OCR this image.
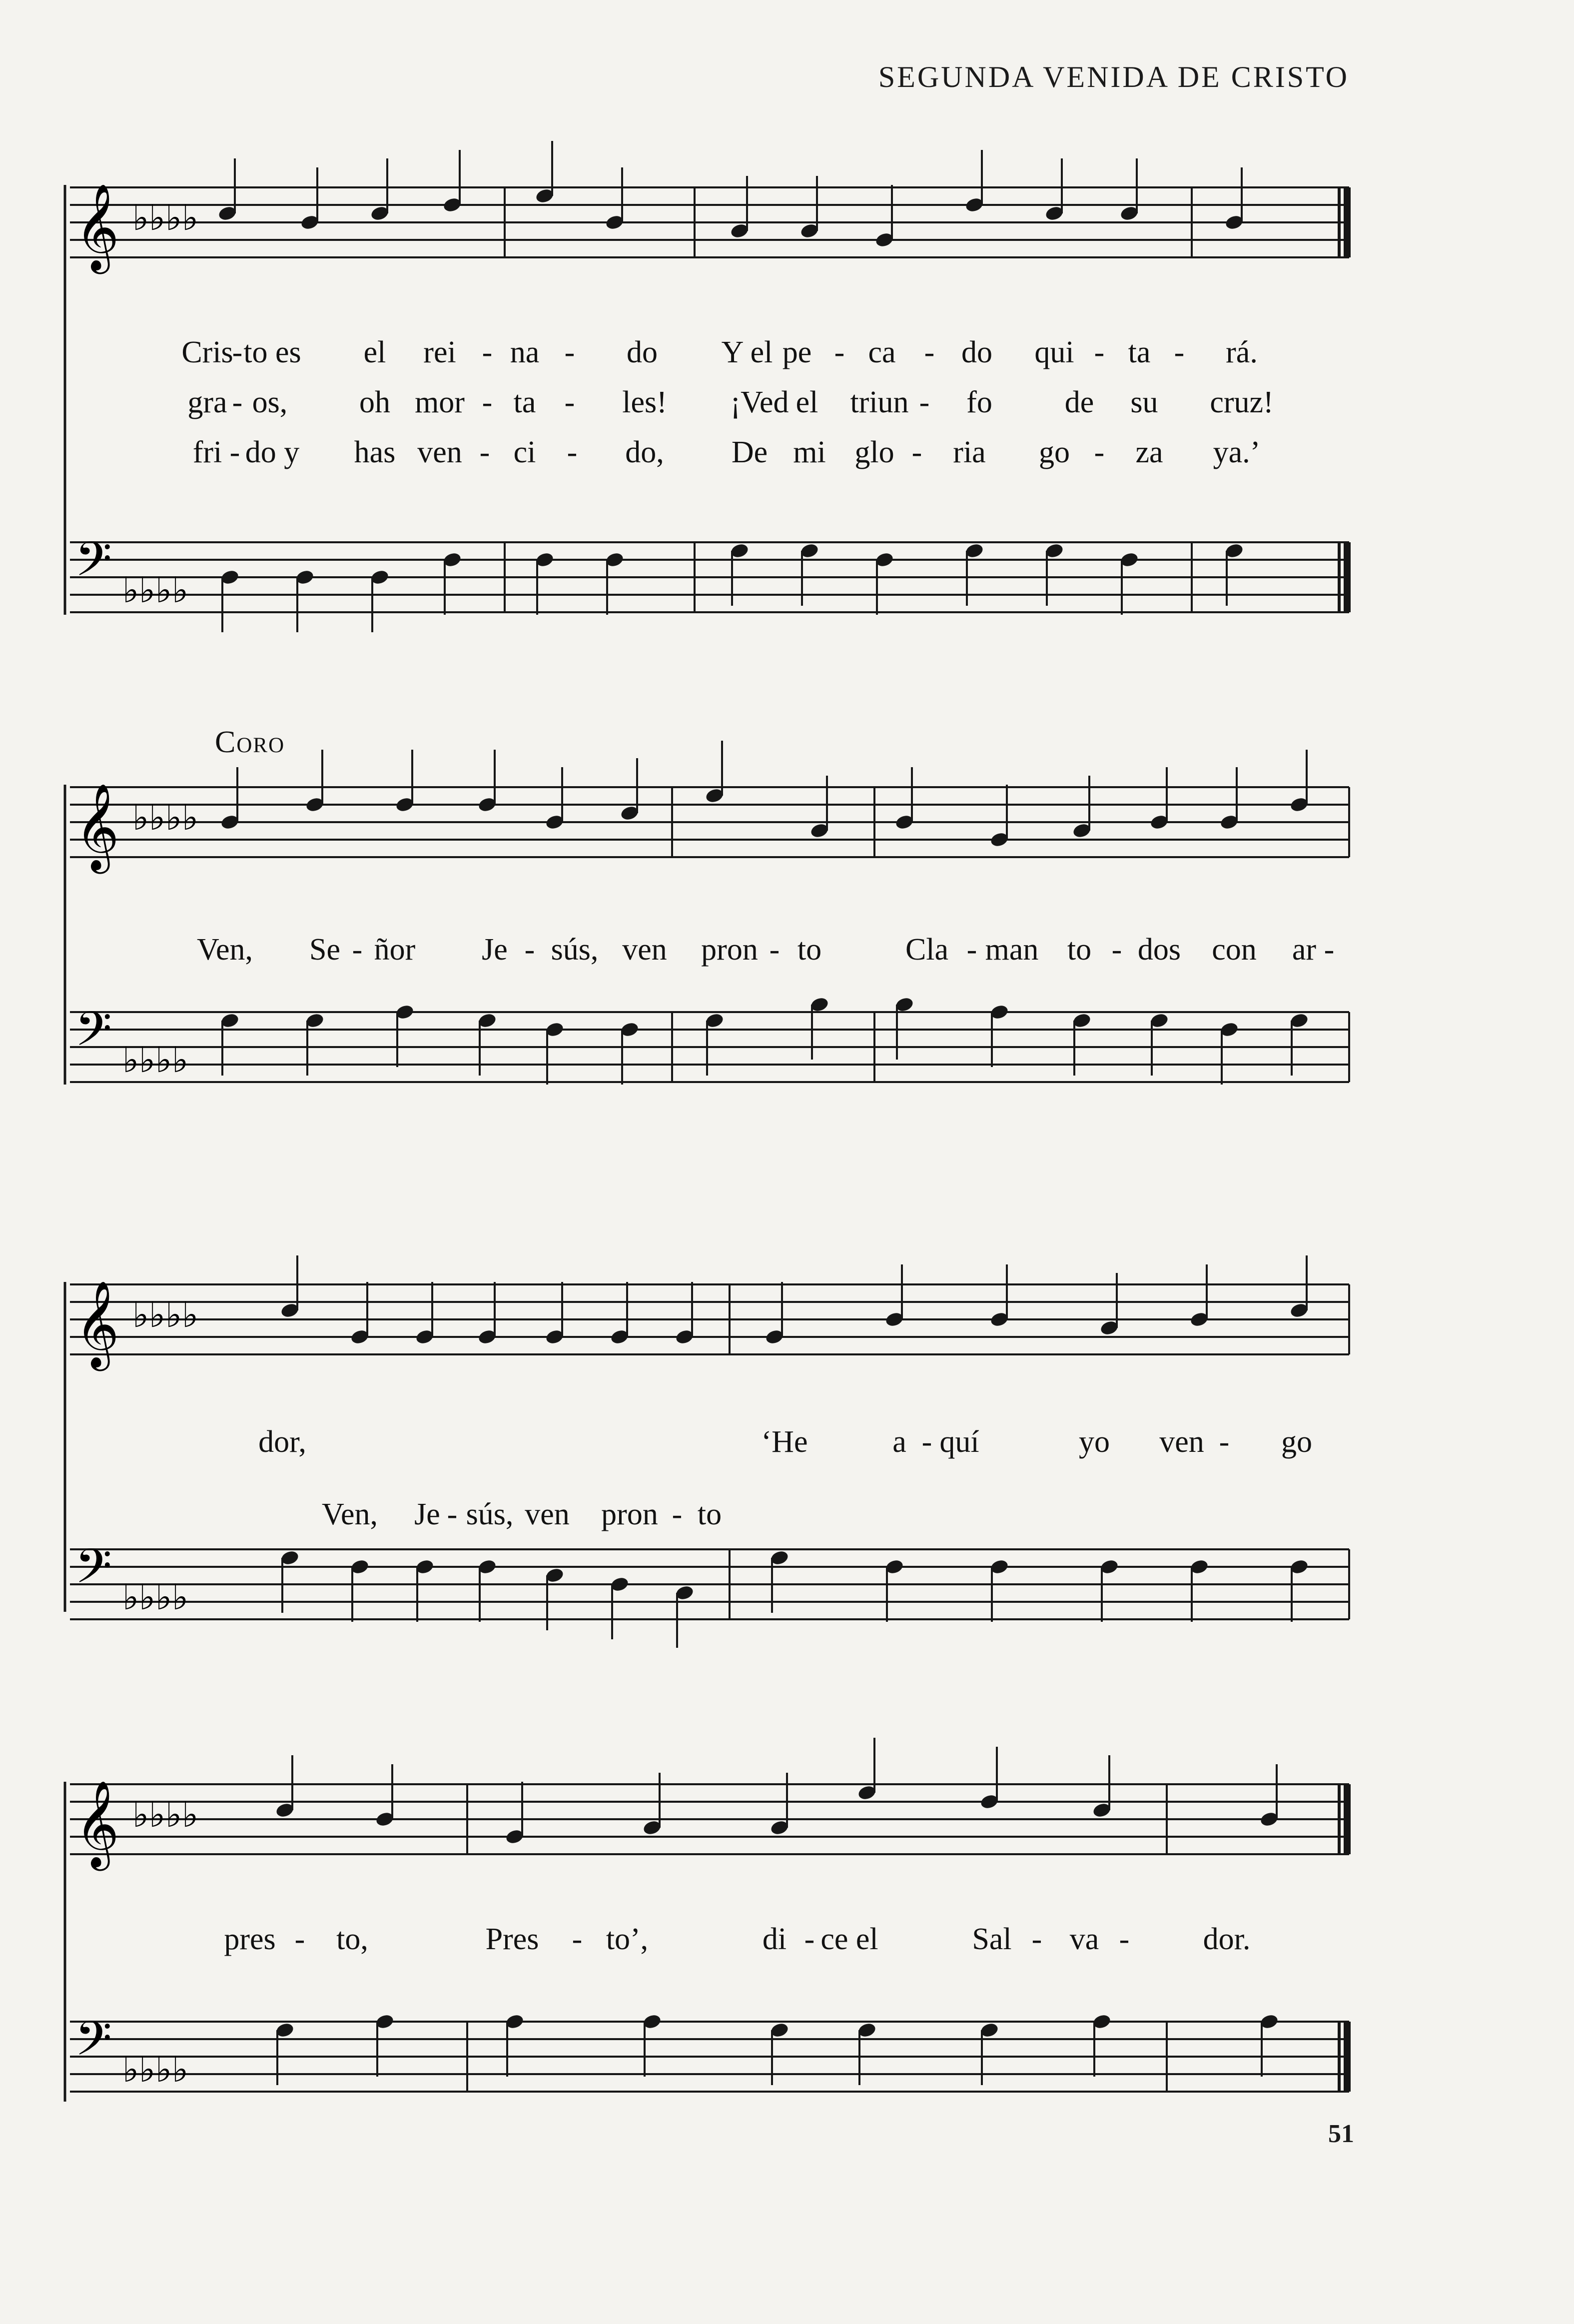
SEGUNDA VENIDA DE CRISTO
𝄞 ♭♭♭♭
Cris
- to es el rei - na - do Y el pe - ca - do qui - ta - rá.
gra - os, oh mor - ta - les! ¡Ved el triun - fo de su cruz!
fri - do y has ven - ci - do, De mi glo - ria go - za ya.’
𝄢 ♭♭♭♭
Coro
𝄞 ♭♭♭♭
Ven, Se - ñor Je - sús, ven pron - to	Cla - man to - dos con ar -
𝄢 ♭♭♭♭
𝄞 ♭♭♭♭
dor,	‘He	a - quí	yo ven - go
Ven, Je - sús, ven pron - to
𝄢 ♭♭♭♭
𝄞 ♭♭♭♭
pres - to,	Pres - to’,	di - ce el	Sal - va - dor.
𝄢 ♭♭♭♭
51
